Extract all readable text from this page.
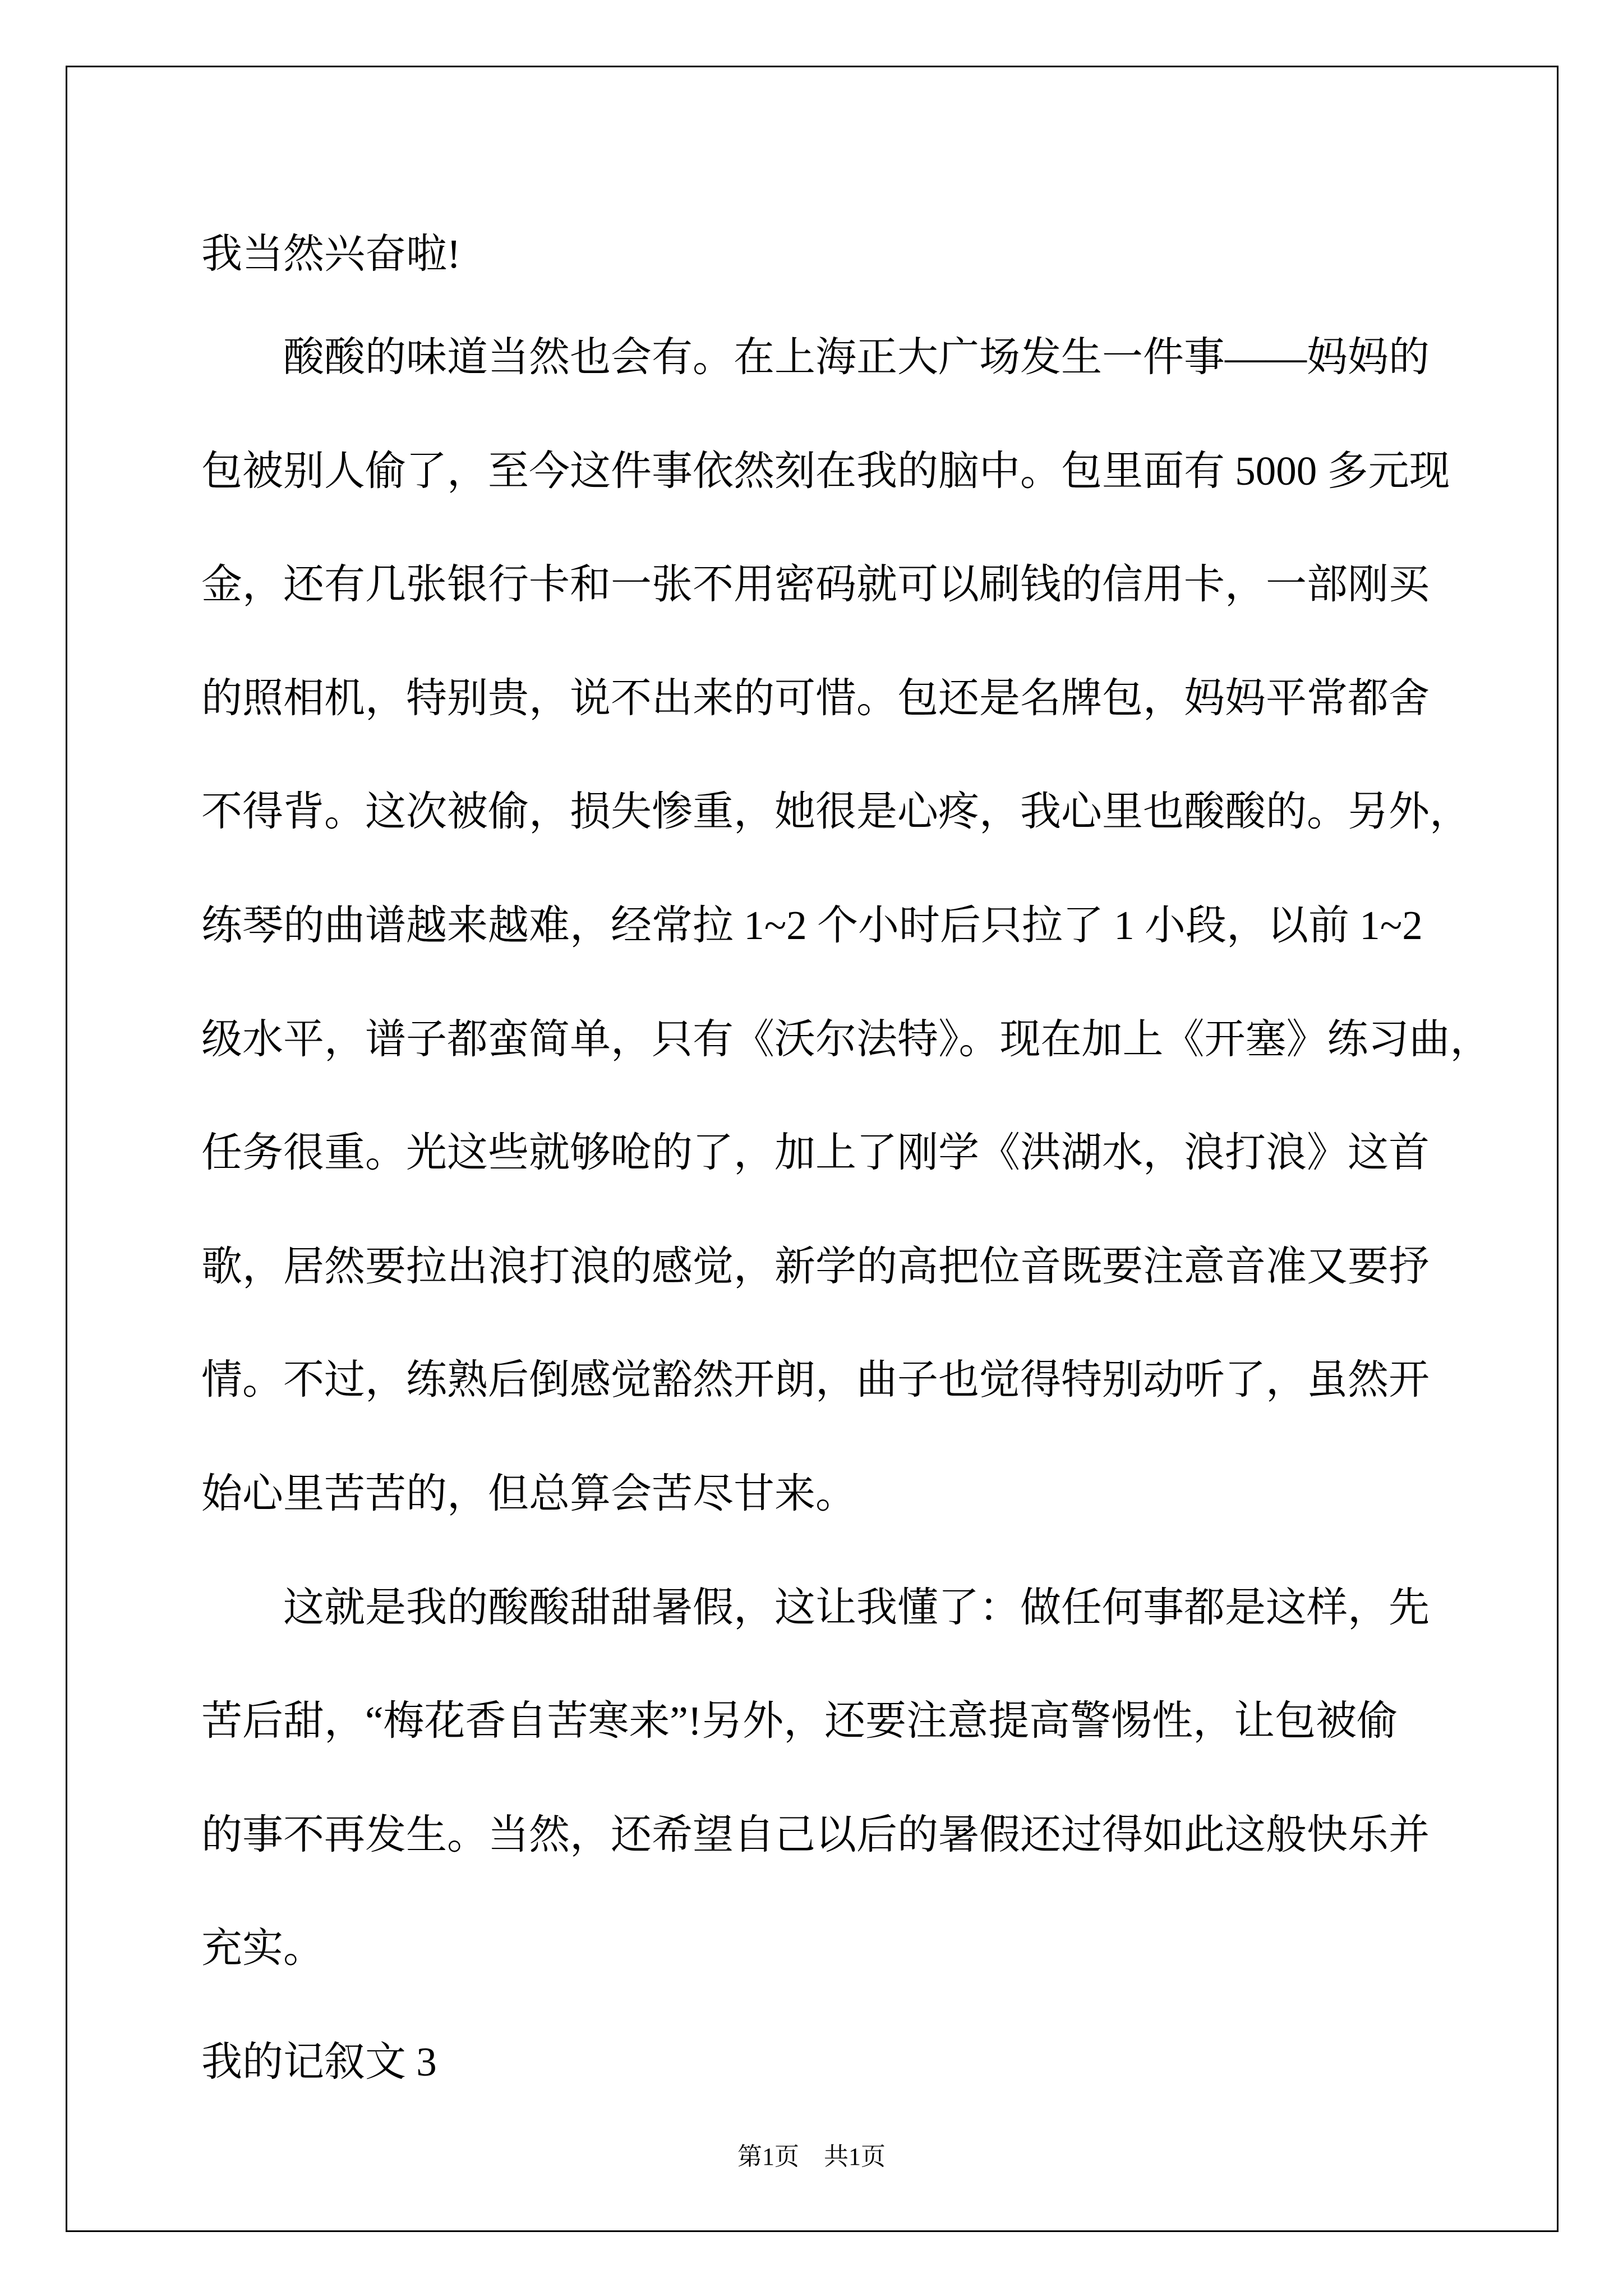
我当然兴奋啦!
酸酸的味道当然也会有。在上海正大广场发生一件事——妈妈的
包被别人偷了，至今这件事依然刻在我的脑中。包里面有 5000 多元现
金，还有几张银行卡和一张不用密码就可以刷钱的信用卡，一部刚买
的照相机，特别贵，说不出来的可惜。包还是名牌包，妈妈平常都舍
不得背。这次被偷，损失惨重，她很是心疼，我心里也酸酸的。另外，
练琴的曲谱越来越难，经常拉 1~2 个小时后只拉了 1 小段，以前 1~2
级水平，谱子都蛮简单，只有《沃尔法特》。现在加上《开塞》练习曲，
任务很重。光这些就够呛的了，加上了刚学《洪湖水，浪打浪》这首
歌，居然要拉出浪打浪的感觉，新学的高把位音既要注意音准又要抒
情。不过，练熟后倒感觉豁然开朗，曲子也觉得特别动听了，虽然开
始心里苦苦的，但总算会苦尽甘来。
这就是我的酸酸甜甜暑假，这让我懂了：做任何事都是这样，先
苦后甜，“梅花香自苦寒来”!另外，还要注意提高警惕性，让包被偷
的事不再发生。当然，还希望自己以后的暑假还过得如此这般快乐并
充实。
我的记叙文 3
第1页　共1页
